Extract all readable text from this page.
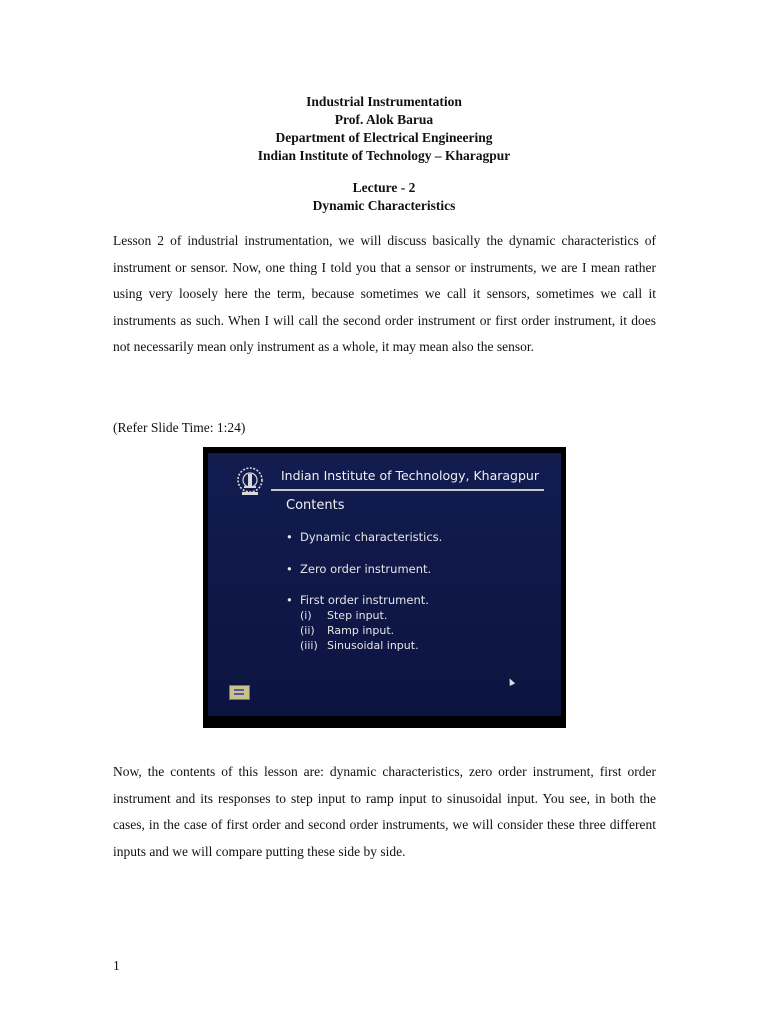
Industrial Instrumentation
Prof. Alok Barua
Department of Electrical Engineering
Indian Institute of Technology – Kharagpur
Lecture - 2
Dynamic Characteristics
Lesson 2 of industrial instrumentation, we will discuss basically the dynamic characteristics of instrument or sensor. Now, one thing I told you that a sensor or instruments, we are I mean rather using very loosely here the term, because sometimes we call it sensors, sometimes we call it instruments as such. When I will call the second order instrument or first order instrument, it does not necessarily mean only instrument as a whole, it may mean also the sensor.
(Refer Slide Time: 1:24)
Indian Institute of Technology, Kharagpur
Contents
• Dynamic characteristics.
• Zero order instrument.
• First order instrument.
(i) Step input.
(ii) Ramp input.
(iii) Sinusoidal input.
Now, the contents of this lesson are: dynamic characteristics, zero order instrument, first order instrument and its responses to step input to ramp input to sinusoidal input. You see, in both the cases, in the case of first order and second order instruments, we will consider these three different inputs and we will compare putting these side by side.
1
